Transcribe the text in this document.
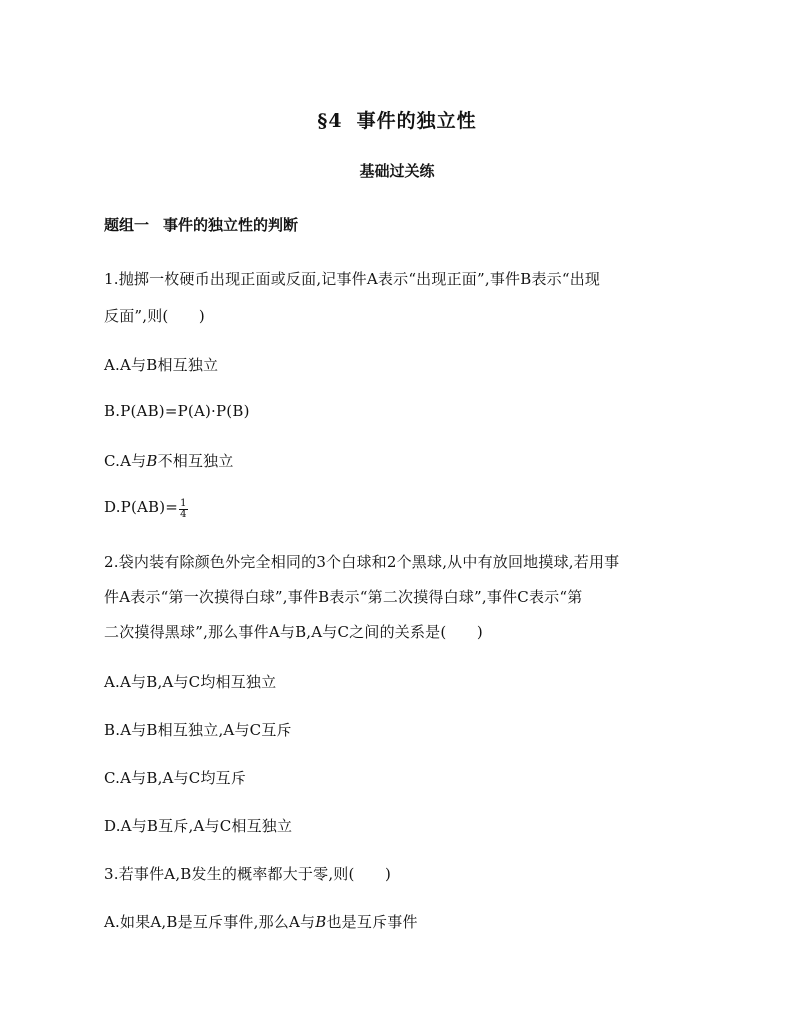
§4 事件的独立性
基础过关练
题组一 事件的独立性的判断
1.抛掷一枚硬币出现正面或反面,记事件A表示“出现正面”,事件B表示“出现
反面”,则(　　)
A.A与B相互独立
B.P(AB)=P(A)·P(B)
C.A与B不相互独立
$D.P(AB)= \frac{1}{4}$
2.袋内装有除颜色外完全相同的3个白球和2个黑球,从中有放回地摸球,若用事
件A表示“第一次摸得白球”,事件B表示“第二次摸得白球”,事件C表示“第
二次摸得黑球”,那么事件A与B,A与C之间的关系是(　　)
A.A与B,A与C均相互独立
B.A与B相互独立,A与C互斥
C.A与B,A与C均互斥
D.A与B互斥,A与C相互独立
3.若事件A,B发生的概率都大于零,则(　　)
A.如果A,B是互斥事件,那么A与B也是互斥事件
